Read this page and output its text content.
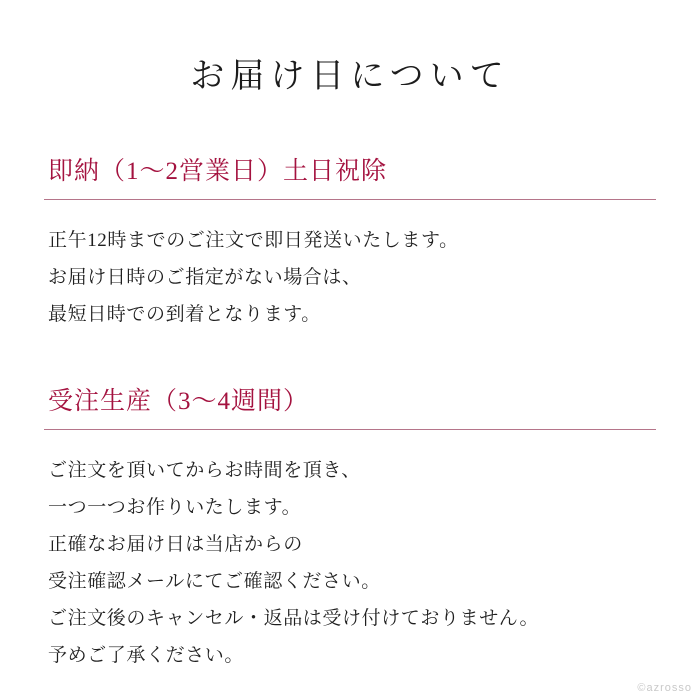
お届け日について
即納（1～2営業日）土日祝除

正午12時までのご注文で即日発送いたします。

お届け日時のご指定がない場合は、

最短日時での到着となります。

受注生産（3～4週間）

ご注文を頂いてからお時間を頂き、

一つ一つお作りいたします。

正確なお届け日は当店からの

受注確認メールにてご確認ください。

ご注文後のキャンセル・返品は受け付けておりません。

予めご了承ください。

©azrosso
